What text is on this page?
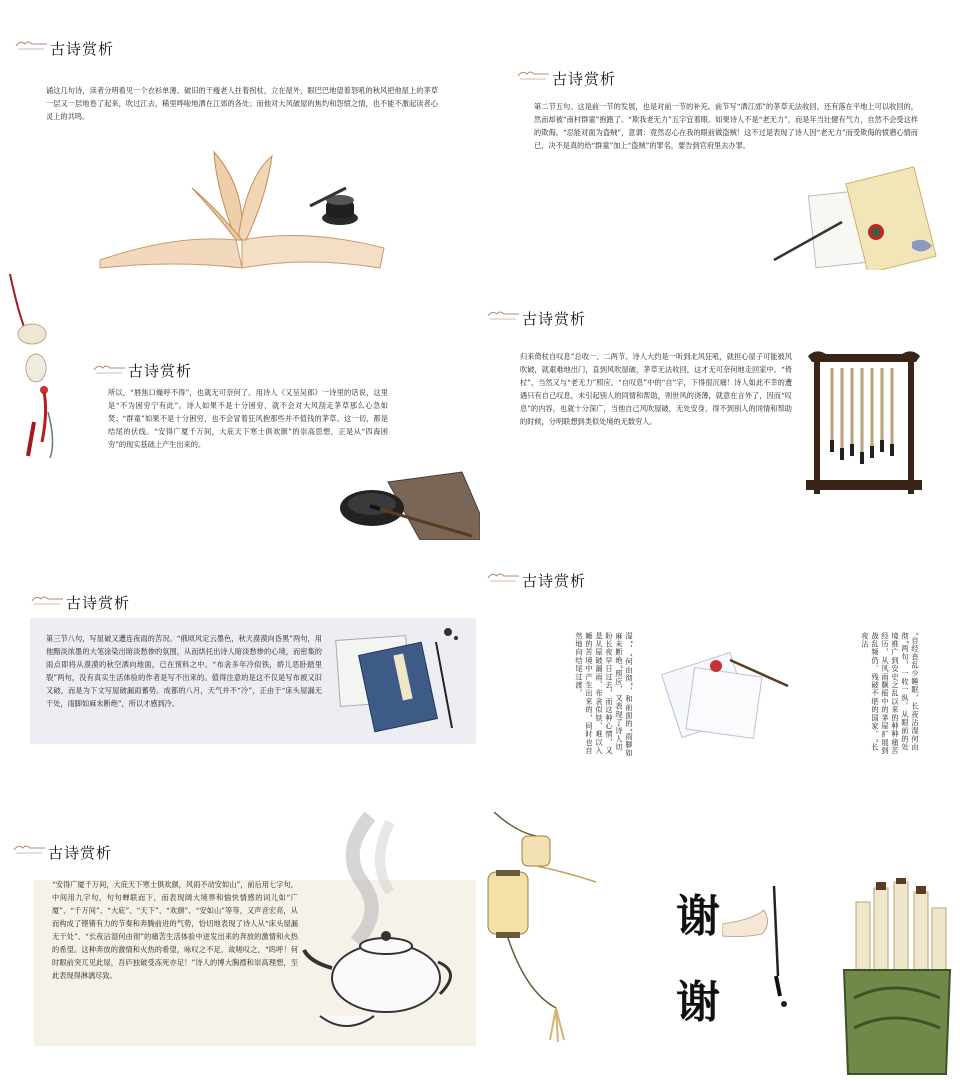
古诗赏析
诵这几句诗，读者分明看见一个衣衫单薄、破旧的干瘦老人拄着拐杖，立在屋外，眼巴巴地望着怒吼的秋风把他屋上的茅草一层又一层地卷了起来，吹过江去，稀里哗啦地洒在江郊的各处；而他对大风破屋的焦灼和怨愤之情，也不能不激起读者心灵上的共鸣。
古诗赏析
第二节五句。这是前一节的发展，也是对前一节的补充。前节写“洒江郊”的茅草无法收回，还有落在平地上可以收回的，然而却被“南村群童”抱跑了。“欺我老无力”五字宜着眼。如果诗人不是“老无力”，而是年当壮健有气力，自然不会受这样的欺侮。“忍能对面为盗贼”，意谓：竟然忍心在我的眼前做盗贼！这不过是表现了诗人因“老无力”而受欺侮的愤懑心情而已，决不是真的给“群童”加上“盗贼”的罪名，要告到官府里去办罪。
古诗赏析
所以，“唇焦口燥呼不得”，也就无可奈何了。用诗人《又呈吴郎》一诗里的话说，这里是“不为困穷宁有此”。诗人如果不是十分困穷，就不会对大风刮走茅草那么心急如焚；“群童”如果不是十分困穷，也不会冒着狂风抱那些并不值钱的茅草。这一切，都是结尾的伏线。“安得广厦千万间，大庇天下寒士俱欢颜”的崇高思想，正是从“四海困穷”的现实基础上产生出来的。
古诗赏析
归来倚杖自叹息”总收一、二两节。诗人大约是一听到北风狂吼，就担心屋子可能被风吹破，就艰难地出门，直到风吹屋破，茅草无法收回，这才无可奈何地走回家中。“倚杖”，当然又与“老无力”照应。“自叹息”中的“自”字，下得很沉痛！诗人如此不幸的遭遇只有自己叹息，未引起别人的同情和帮助，则世风的浇薄，就意在言外了，因而“叹息”的内容，也就十分深广，当他自己风吹屋破，无处安身，得不到别人的同情和帮助的时候，分明联想到类似处境的无数穷人。
古诗赏析
第三节八句，写屋破又遭连夜雨的苦况。“俄顷风定云墨色，秋天漠漠向昏黑”两句，用他黯淡浓墨的大笔涂染出暗淡愁惨的氛围，从而烘托出诗人暗淡愁惨的心境，而密集的雨点即将从漠漠的秋空洒向地面，已在预料之中。“布衾多年冷似铁，娇儿恶卧踏里裂”两句，没有真实生活体验的作者是写不出来的。值得注意的是这不仅是写布被又旧又破，而是为下文写屋破漏雨蓄势。成都的八月，天气并不“冷”，正由于“床头屋漏无干处，雨脚如麻未断绝”，所以才感到冷。
古诗赏析
湿”，“何由彻”，和前面的“雨脚如麻未断绝”照应，又表现了诗人切盼长夜早日过去，而这种心情，又是从屋破漏雨、布衾似铁、难以入睡的苦境中产生出来的，同时也自然地向结尾过渡。	“自经丧乱少睡眠，长夜沾湿何由彻”两句，一收一纵。从眼前的处境推广到安史之乱以来的种种痛苦经历，从风雨飘摇中的茅屋扩展到战乱频仍、残破不堪的国家。“长夜沾
古诗赏析
“安得广厦千万间，大庇天下寒士俱欢颜，风雨不动安如山”，前后用七字句，中间用九字句，句句蝉联而下，而表现阔大境界和愉快情感的词儿如“广厦”、“千万间”、“大庇”、“天下”、“欢颜”、“安如山”等等，又声音宏亮，从而构成了铿锵有力的节奏和奔腾前进的气势，恰切地表现了诗人从“床头屋漏无干处”、“长夜沾湿何由彻”的痛苦生活体验中迸发出来的奔放的激情和火热的希望。这种奔放的激情和火热的希望，咏叹之不足，故嗟叹之，“呜呼！何时眼前突兀见此屋，吾庐独破受冻死亦足！”诗人的博大胸襟和崇高理想，至此表现得淋漓尽致。
谢
谢
